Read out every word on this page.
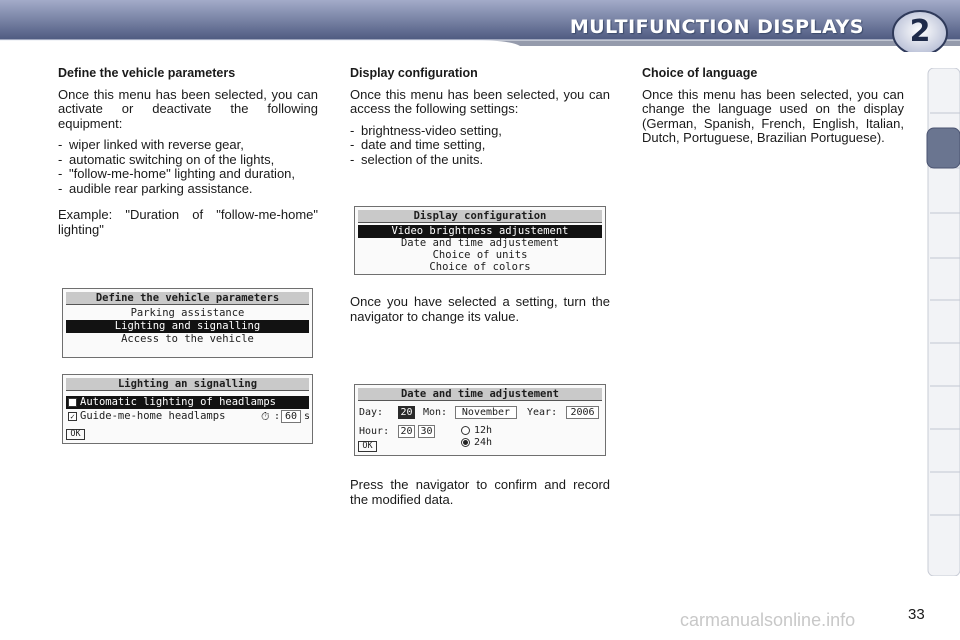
MULTIFUNCTION DISPLAYS	2
Define the vehicle parameters
Once this menu has been selected, you can activate or deactivate the following equipment:
- wiper linked with reverse gear,
- automatic switching on of the lights,
- "follow-me-home" lighting and duration,
- audible rear parking assistance.
Example: "Duration of "follow-me-home" lighting"
Display configuration
Once this menu has been selected, you can access the following settings:
- brightness-video setting,
- date and time setting,
- selection of the units.
Once you have selected a setting, turn the navigator to change its value.
Press the navigator to confirm and record the modified data.
Choice of language
Once this menu has been selected, you can change the language used on the display (German, Spanish, French, English, Italian, Dutch, Portuguese, Brazilian Portuguese).
Define the vehicle parameters
Parking assistance
Lighting and signalling
Access to the vehicle
Lighting an signalling
Automatic lighting of headlamps
✓ Guide-me-home headlamps	⏱ : 60 s
OK
Display configuration
Video brightness adjustement
Date and time adjustement
Choice of units
Choice of colors
Date and time adjustement
Day: 20 Mon:	November	Year:	2006
Hour: 20 30	12h
24h
OK
carmanualsonline.info	33
